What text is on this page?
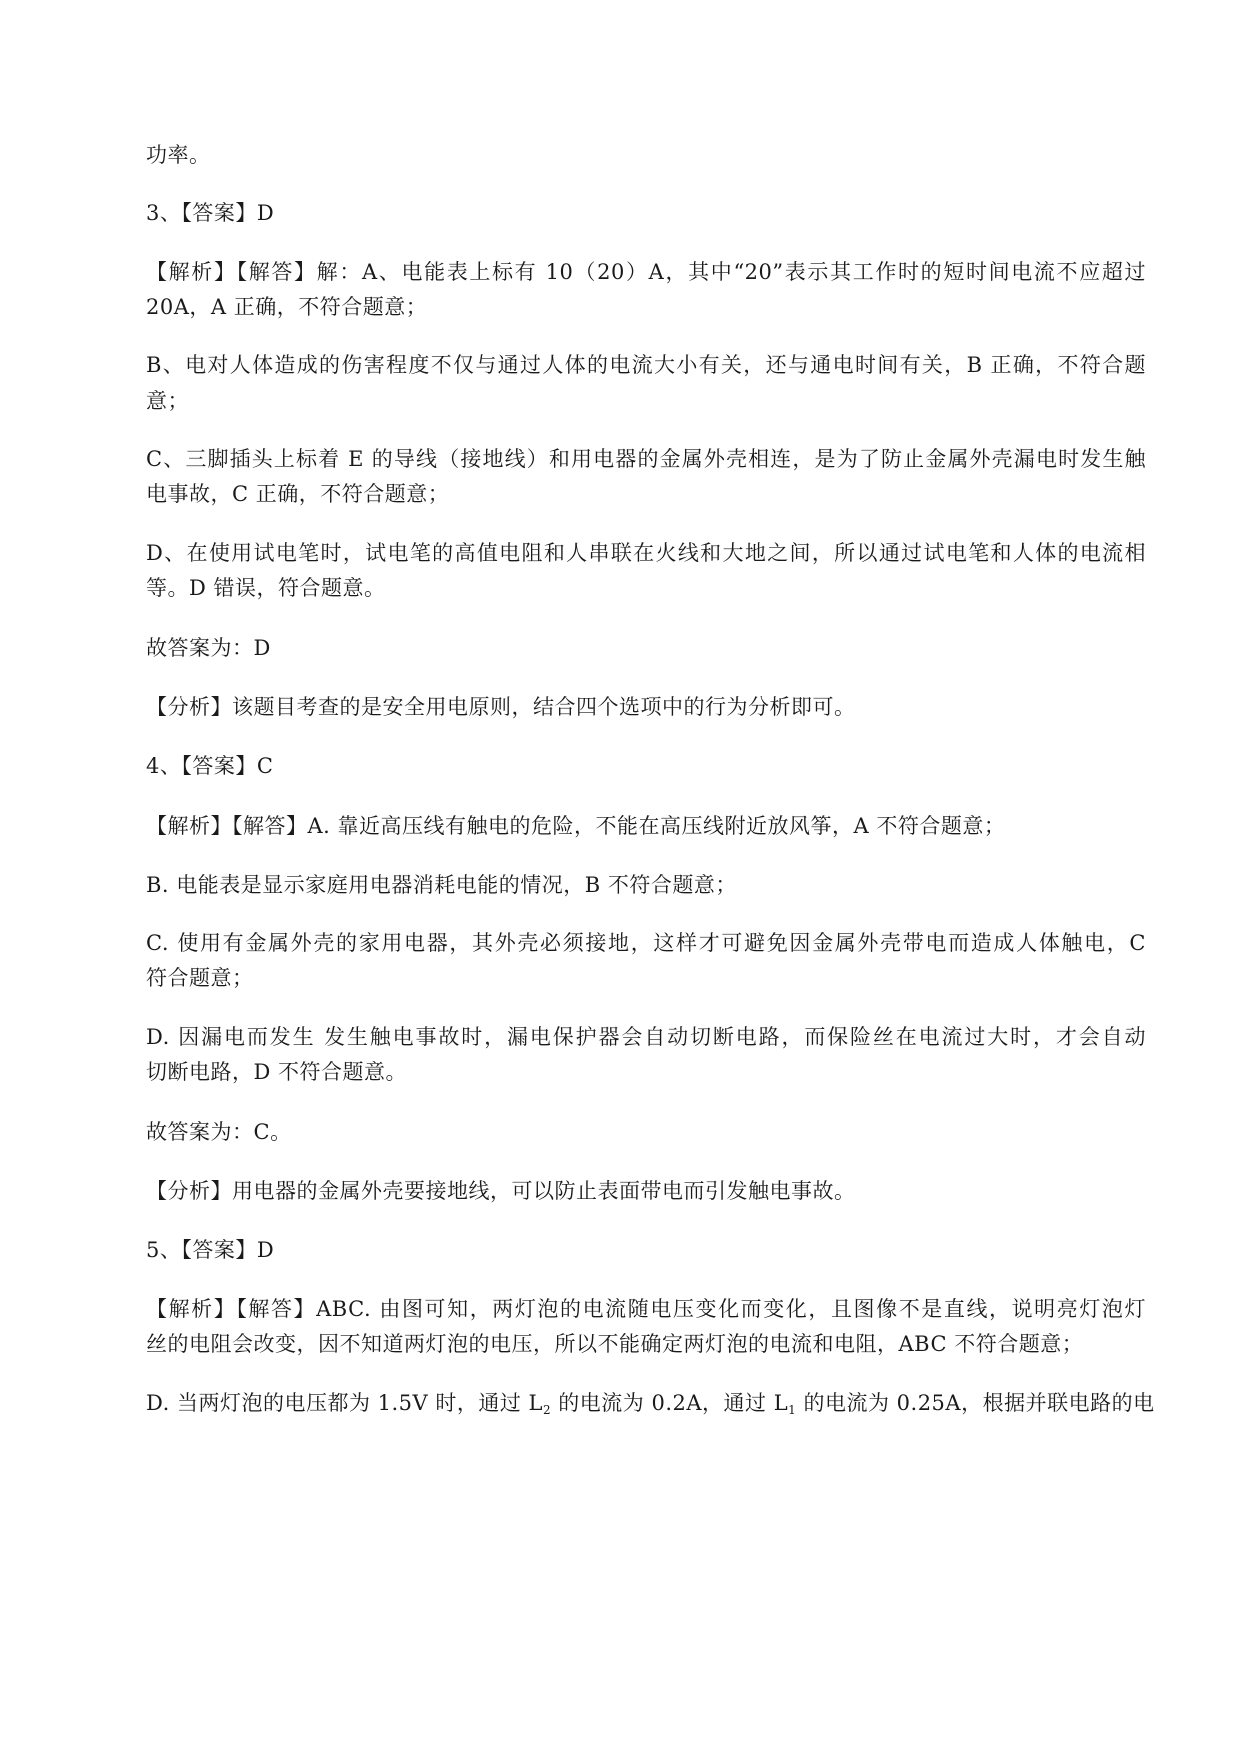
功率。
3、【答案】D
【解析】【解答】解：A、电能表上标有 10（20）A，其中“20”表示其工作时的短时间电流不应超过
20A，A 正确，不符合题意；
B、电对人体造成的伤害程度不仅与通过人体的电流大小有关，还与通电时间有关，B 正确，不符合题
意；
C、三脚插头上标着 E 的导线（接地线）和用电器的金属外壳相连，是为了防止金属外壳漏电时发生触
电事故，C 正确，不符合题意；
D、在使用试电笔时，试电笔的高值电阻和人串联在火线和大地之间，所以通过试电笔和人体的电流相
等。D 错误，符合题意。
故答案为：D
【分析】该题目考查的是安全用电原则，结合四个选项中的行为分析即可。
4、【答案】C
【解析】【解答】A. 靠近高压线有触电的危险，不能在高压线附近放风筝，A 不符合题意；
B. 电能表是显示家庭用电器消耗电能的情况，B 不符合题意；
C. 使用有金属外壳的家用电器，其外壳必须接地，这样才可避免因金属外壳带电而造成人体触电，C
符合题意；
D. 因漏电而发生 发生触电事故时，漏电保护器会自动切断电路，而保险丝在电流过大时，才会自动
切断电路，D 不符合题意。
故答案为：C。
【分析】用电器的金属外壳要接地线，可以防止表面带电而引发触电事故。
5、【答案】D
【解析】【解答】ABC. 由图可知，两灯泡的电流随电压变化而变化，且图像不是直线，说明亮灯泡灯
丝的电阻会改变，因不知道两灯泡的电压，所以不能确定两灯泡的电流和电阻，ABC 不符合题意；
D. 当两灯泡的电压都为 1.5V 时，通过 $L_2$ 的电流为 0.2A，通过 $L_1$ 的电流为 0.25A，根据并联电路的电
